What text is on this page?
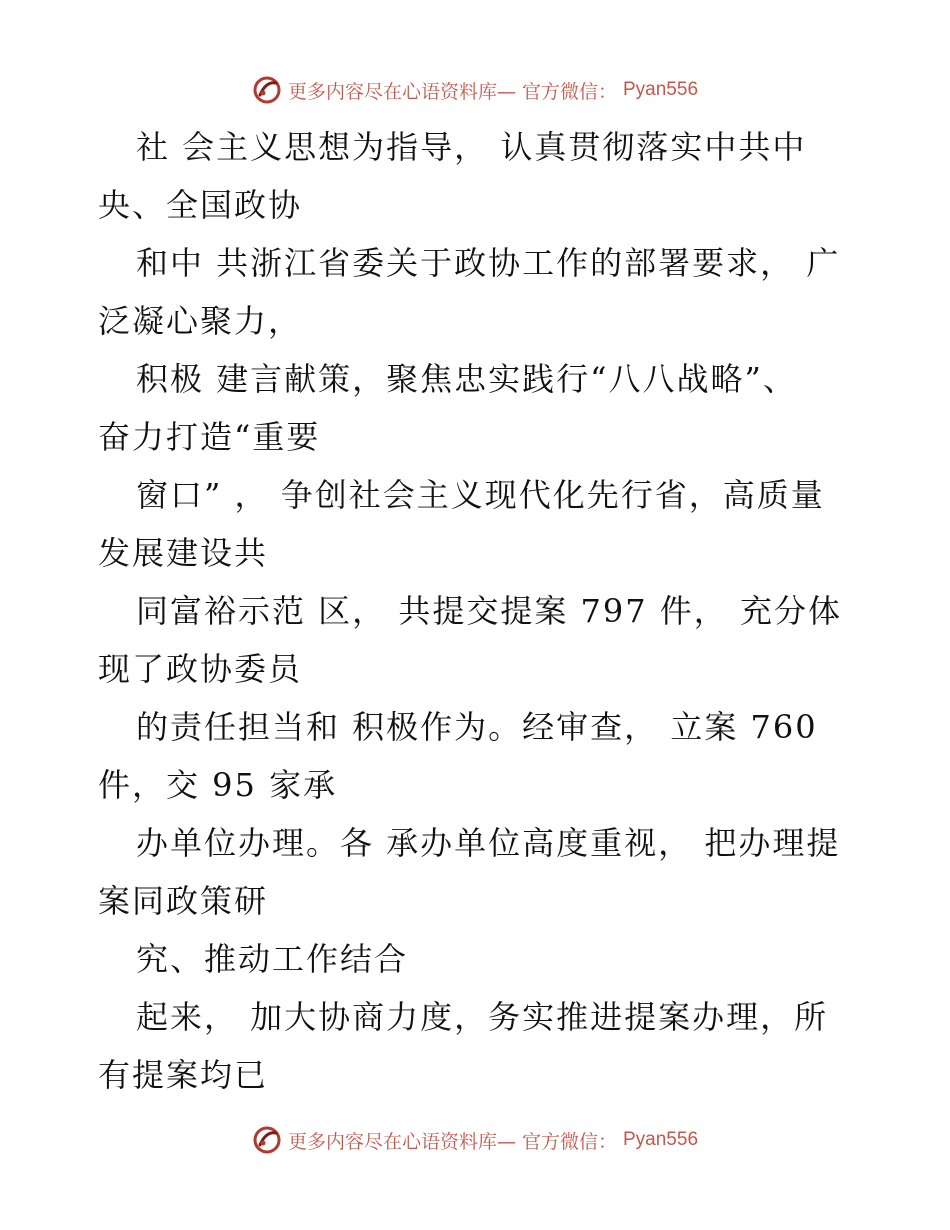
更多内容尽在心语资料库— 官方微信： Pyan556
社 会主义思想为指导， 认真贯彻落实中共中
央、全国政协
和中 共浙江省委关于政协工作的部署要求， 广
泛凝心聚力，
积极 建言献策，聚焦忠实践行“八八战略”、
奋力打造“重要
窗口” ， 争创社会主义现代化先行省，高质量
发展建设共
同富裕示范 区， 共提交提案 797 件， 充分体
现了政协委员
的责任担当和 积极作为。经审查， 立案 760
件，交 95 家承
办单位办理。各 承办单位高度重视， 把办理提
案同政策研
究、推动工作结合
起来， 加大协商力度，务实推进提案办理，所
有提案均已
更多内容尽在心语资料库— 官方微信： Pyan556
